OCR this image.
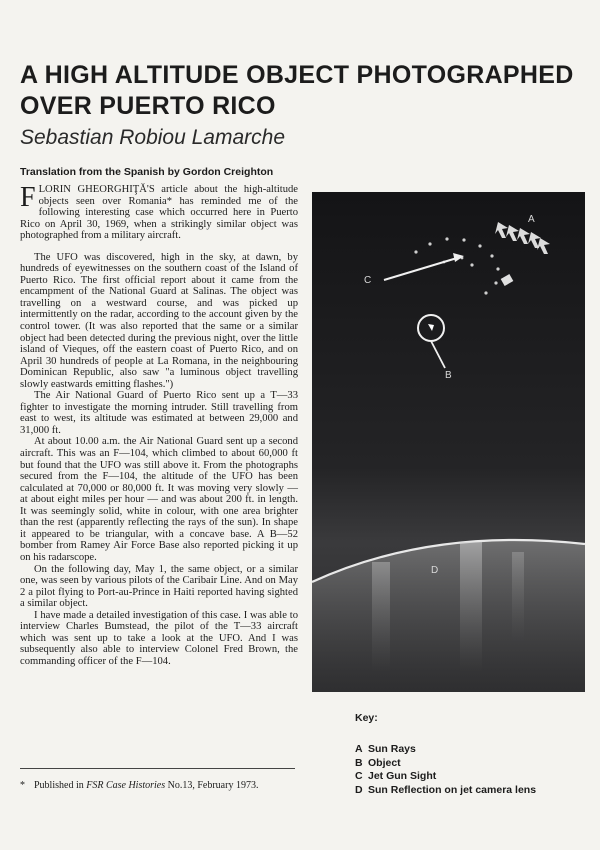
A HIGH ALTITUDE OBJECT PHOTOGRAPHED OVER PUERTO RICO
Sebastian Robiou Lamarche
Translation from the Spanish by Gordon Creighton

FLORIN GHEORGHIŢĂ'S article about the high-altitude objects seen over Romania* has reminded me of the following interesting case which occurred here in Puerto Rico on April 30, 1969, when a strikingly similar object was photographed from a military aircraft.

The UFO was discovered, high in the sky, at dawn, by hundreds of eyewitnesses on the southern coast of the Island of Puerto Rico. The first official report about it came from the encampment of the National Guard at Salinas. The object was travelling on a westward course, and was picked up intermittently on the radar, according to the account given by the control tower. (It was also reported that the same or a similar object had been detected during the previous night, over the little island of Vieques, off the eastern coast of Puerto Rico, and on April 30 hundreds of people at La Romana, in the neighbouring Dominican Republic, also saw "a luminous object travelling slowly eastwards emitting flashes.")

The Air National Guard of Puerto Rico sent up a T—33 fighter to investigate the morning intruder. Still travelling from east to west, its altitude was estimated at between 29,000 and 31,000 ft.

At about 10.00 a.m. the Air National Guard sent up a second aircraft. This was an F—104, which climbed to about 60,000 ft but found that the UFO was still above it. From the photographs secured from the F—104, the altitude of the UFO has been calculated at 70,000 or 80,000 ft. It was moving very slowly — at about eight miles per hour — and was about 200 ft. in length. It was seemingly solid, white in colour, with one area brighter than the rest (apparently reflecting the rays of the sun). In shape it appeared to be triangular, with a concave base. A B—52 bomber from Ramey Air Force Base also reported picking it up on his radarscope.

On the following day, May 1, the same object, or a similar one, was seen by various pilots of the Caribair Line. And on May 2 a pilot flying to Port-au-Prince in Haiti reported having sighted a similar object.

I have made a detailed investigation of this case. I was able to interview Charles Bumstead, the pilot of the T—33 aircraft which was sent up to take a look at the UFO. And I was subsequently also able to interview Colonel Fred Brown, the commanding officer of the F—104.

* Published in FSR Case Histories No.13, February 1973.
A
B
C
D
Key:
A Sun Rays
B Object
C Jet Gun Sight
D Sun Reflection on jet camera lens
